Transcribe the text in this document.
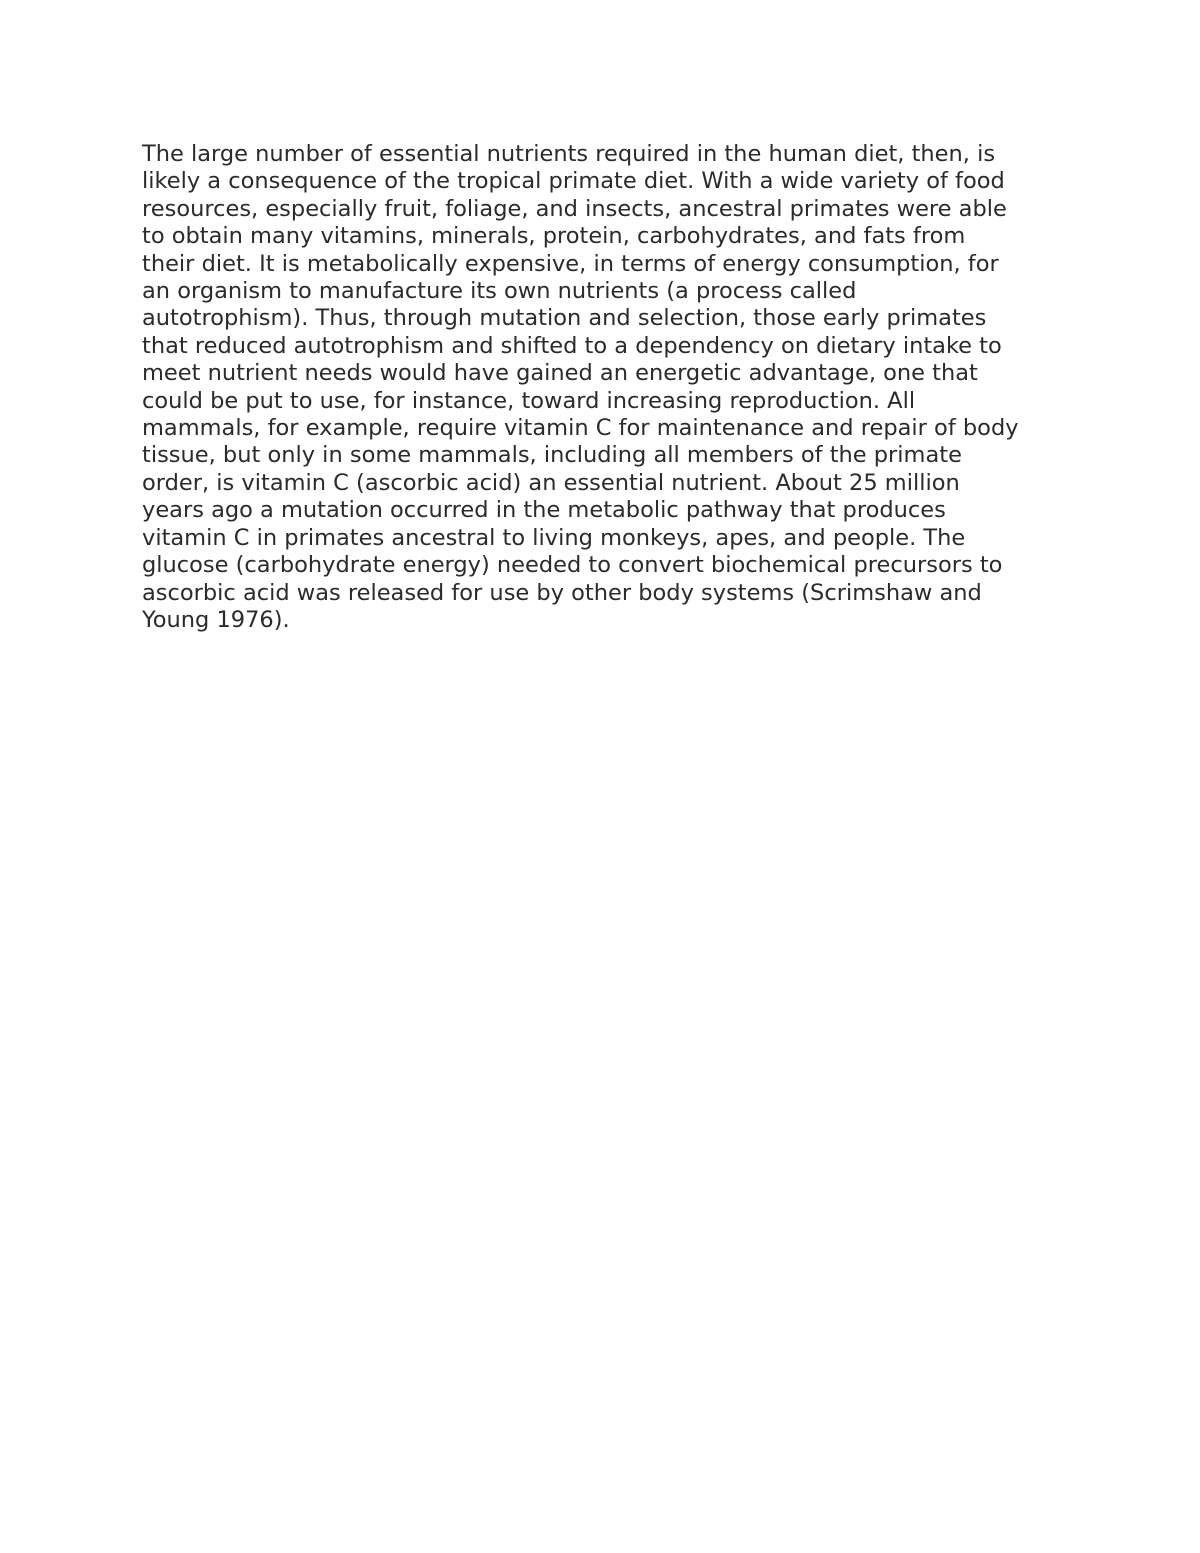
The large number of essential nutrients required in the human diet, then, is
likely a consequence of the tropical primate diet. With a wide variety of food
resources, especially fruit, foliage, and insects, ancestral primates were able
to obtain many vitamins, minerals, protein, carbohydrates, and fats from
their diet. It is metabolically expensive, in terms of energy consumption, for
an organism to manufacture its own nutrients (a process called
autotrophism). Thus, through mutation and selection, those early primates
that reduced autotrophism and shifted to a dependency on dietary intake to
meet nutrient needs would have gained an energetic advantage, one that
could be put to use, for instance, toward increasing reproduction. All
mammals, for example, require vitamin C for maintenance and repair of body
tissue, but only in some mammals, including all members of the primate
order, is vitamin C (ascorbic acid) an essential nutrient. About 25 million
years ago a mutation occurred in the metabolic pathway that produces
vitamin C in primates ancestral to living monkeys, apes, and people. The
glucose (carbohydrate energy) needed to convert biochemical precursors to
ascorbic acid was released for use by other body systems (Scrimshaw and
Young 1976).
